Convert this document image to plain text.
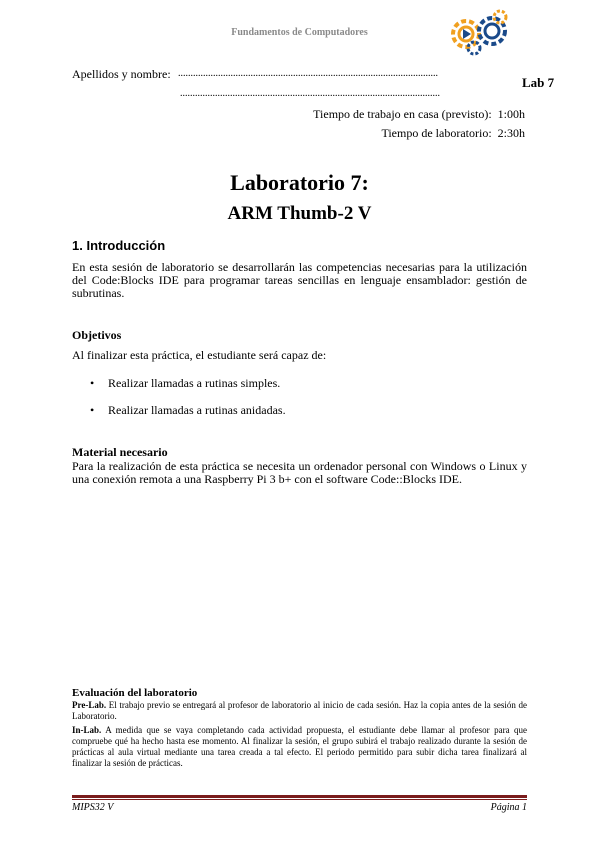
Fundamentos de Computadores
Apellidos y nombre: ........................................................................................................
........................................................................................................
Lab 7
Tiempo de trabajo en casa (previsto): 1:00h
Tiempo de laboratorio: 2:30h
Laboratorio 7:
ARM Thumb-2 V
1. Introducción
En esta sesión de laboratorio se desarrollarán las competencias necesarias para la utilización del Code:Blocks IDE para programar tareas sencillas en lenguaje ensamblador: gestión de subrutinas.
Objetivos
Al finalizar esta práctica, el estudiante será capaz de:
• Realizar llamadas a rutinas simples.
• Realizar llamadas a rutinas anidadas.
Material necesario
Para la realización de esta práctica se necesita un ordenador personal con Windows o Linux y una conexión remota a una Raspberry Pi 3 b+ con el software Code::Blocks IDE.
Evaluación del laboratorio
Pre-Lab. El trabajo previo se entregará al profesor de laboratorio al inicio de cada sesión. Haz la copia antes de la sesión de Laboratorio.
In-Lab. A medida que se vaya completando cada actividad propuesta, el estudiante debe llamar al profesor para que compruebe qué ha hecho hasta ese momento. Al finalizar la sesión, el grupo subirá el trabajo realizado durante la sesión de prácticas al aula virtual mediante una tarea creada a tal efecto. El periodo permitido para subir dicha tarea finalizará al finalizar la sesión de prácticas.
MIPS32 V	Página 1
